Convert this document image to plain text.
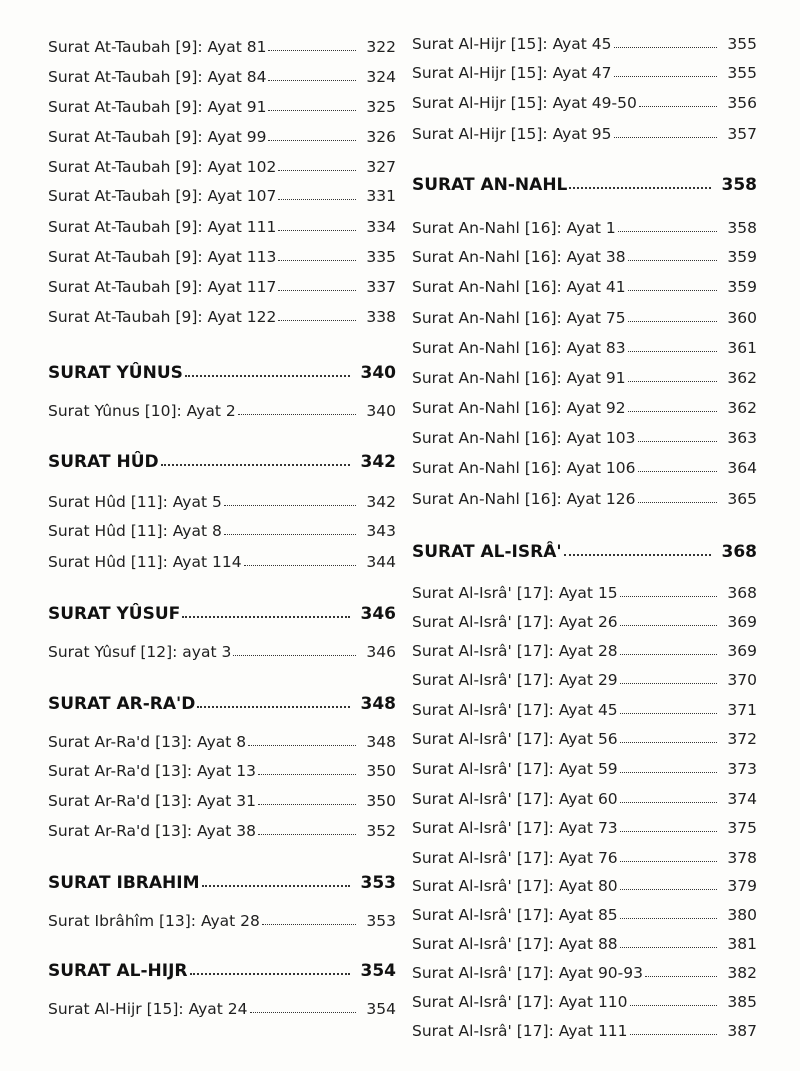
Surat At-Taubah [9]: Ayat 81	322
Surat At-Taubah [9]: Ayat 84	324
Surat At-Taubah [9]: Ayat 91	325
Surat At-Taubah [9]: Ayat 99	326
Surat At-Taubah [9]: Ayat 102	327
Surat At-Taubah [9]: Ayat 107	331
Surat At-Taubah [9]: Ayat 111	334
Surat At-Taubah [9]: Ayat 113	335
Surat At-Taubah [9]: Ayat 117	337
Surat At-Taubah [9]: Ayat 122	338
SURAT YÛNUS	340
Surat Yûnus [10]: Ayat 2	340
SURAT HÛD	342
Surat Hûd [11]: Ayat 5	342
Surat Hûd [11]: Ayat 8	343
Surat Hûd [11]: Ayat 114	344
SURAT YÛSUF	346
Surat Yûsuf [12]: ayat 3	346
SURAT AR-RA'D	348
Surat Ar-Ra'd [13]: Ayat 8	348
Surat Ar-Ra'd [13]: Ayat 13	350
Surat Ar-Ra'd [13]: Ayat 31	350
Surat Ar-Ra'd [13]: Ayat 38	352
SURAT IBRAHIM	353
Surat Ibrâhîm [13]: Ayat 28	353
SURAT AL-HIJR	354
Surat Al-Hijr [15]: Ayat 24	354
Surat Al-Hijr [15]: Ayat 45	355
Surat Al-Hijr [15]: Ayat 47	355
Surat Al-Hijr [15]: Ayat 49-50	356
Surat Al-Hijr [15]: Ayat 95	357
SURAT AN-NAHL	358
Surat An-Nahl [16]: Ayat 1	358
Surat An-Nahl [16]: Ayat 38	359
Surat An-Nahl [16]: Ayat 41	359
Surat An-Nahl [16]: Ayat 75	360
Surat An-Nahl [16]: Ayat 83	361
Surat An-Nahl [16]: Ayat 91	362
Surat An-Nahl [16]: Ayat 92	362
Surat An-Nahl [16]: Ayat 103	363
Surat An-Nahl [16]: Ayat 106	364
Surat An-Nahl [16]: Ayat 126	365
SURAT AL-ISRÂ'	368
Surat Al-Isrâ' [17]: Ayat 15	368
Surat Al-Isrâ' [17]: Ayat 26	369
Surat Al-Isrâ' [17]: Ayat 28	369
Surat Al-Isrâ' [17]: Ayat 29	370
Surat Al-Isrâ' [17]: Ayat 45	371
Surat Al-Isrâ' [17]: Ayat 56	372
Surat Al-Isrâ' [17]: Ayat 59	373
Surat Al-Isrâ' [17]: Ayat 60	374
Surat Al-Isrâ' [17]: Ayat 73	375
Surat Al-Isrâ' [17]: Ayat 76	378
Surat Al-Isrâ' [17]: Ayat 80	379
Surat Al-Isrâ' [17]: Ayat 85	380
Surat Al-Isrâ' [17]: Ayat 88	381
Surat Al-Isrâ' [17]: Ayat 90-93	382
Surat Al-Isrâ' [17]: Ayat 110	385
Surat Al-Isrâ' [17]: Ayat 111	387
